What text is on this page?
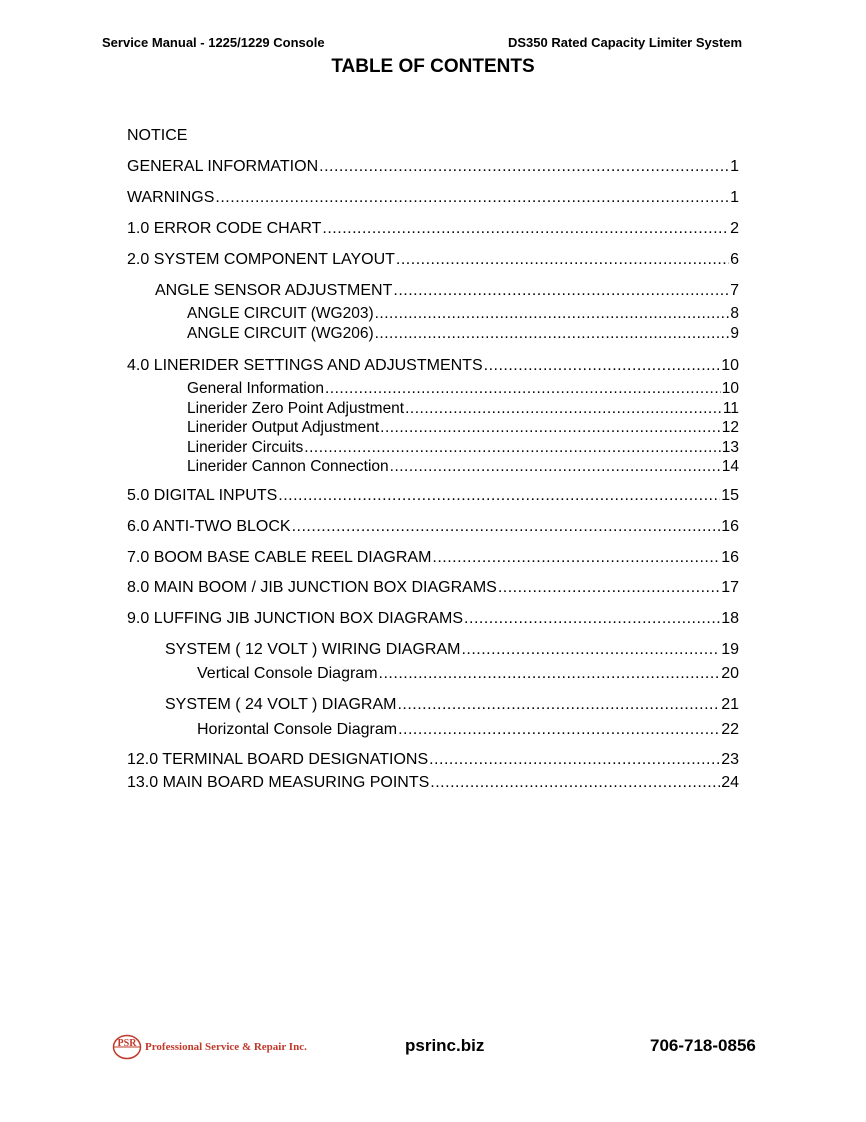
Service Manual - 1225/1229 Console	DS350 Rated Capacity Limiter System
TABLE OF CONTENTS
NOTICE
GENERAL INFORMATION .....	1
WARNINGS .....	1
1.0 ERROR CODE CHART .....	2
2.0 SYSTEM COMPONENT LAYOUT .....	6
ANGLE SENSOR ADJUSTMENT .....	7
ANGLE CIRCUIT (WG203) .....	8
ANGLE CIRCUIT (WG206) .....	9
4.0 LINERIDER SETTINGS AND ADJUSTMENTS .....	10
General Information .....	10
Linerider Zero Point Adjustment .....	11
Linerider Output Adjustment .....	12
Linerider Circuits .....	13
Linerider Cannon Connection .....	14
5.0 DIGITAL INPUTS .....	15
6.0 ANTI-TWO BLOCK .....	16
7.0 BOOM BASE CABLE REEL DIAGRAM .....	16
8.0 MAIN BOOM / JIB JUNCTION BOX DIAGRAMS .....	17
9.0 LUFFING JIB JUNCTION BOX DIAGRAMS .....	18
SYSTEM ( 12 VOLT ) WIRING DIAGRAM .....	19
Vertical Console Diagram .....	20
SYSTEM ( 24 VOLT ) DIAGRAM .....	21
Horizontal Console Diagram .....	22
12.0 TERMINAL BOARD DESIGNATIONS .....	23
13.0 MAIN BOARD MEASURING POINTS .....	24
PSR Professional Service & Repair Inc.	psrinc.biz	706-718-0856
